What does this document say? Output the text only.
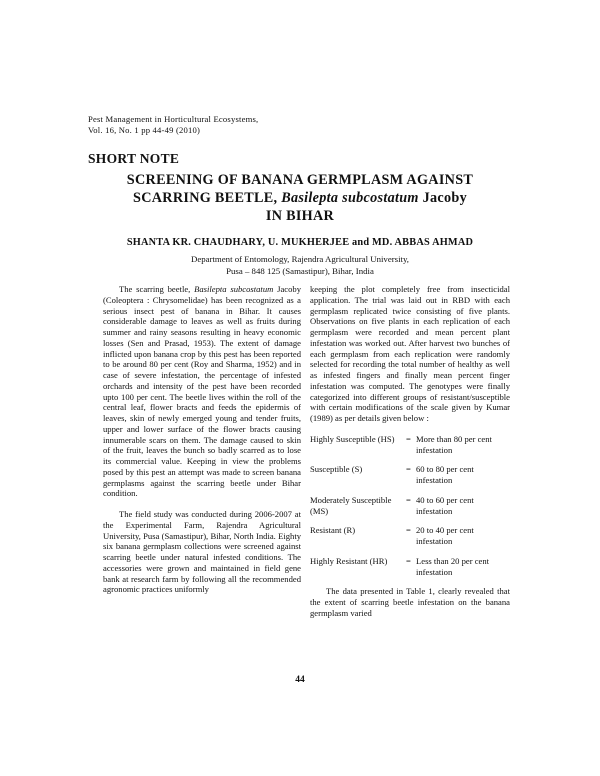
Pest Management in Horticultural Ecosystems,
Vol. 16, No. 1 pp 44-49 (2010)
SHORT NOTE
SCREENING OF BANANA GERMPLASM AGAINST
SCARRING BEETLE, Basilepta subcostatum Jacoby
IN BIHAR
SHANTA KR. CHAUDHARY, U. MUKHERJEE and MD. ABBAS AHMAD
Department of Entomology, Rajendra Agricultural University,
Pusa – 848 125 (Samastipur), Bihar, India

The scarring beetle, Basilepta subcostatum Jacoby (Coleoptera : Chrysomelidae) has been recognized as a serious insect pest of banana in Bihar. It causes considerable damage to leaves as well as fruits during summer and rainy seasons resulting in heavy economic losses (Sen and Prasad, 1953). The extent of damage inflicted upon banana crop by this pest has been reported to be around 80 per cent (Roy and Sharma, 1952) and in case of severe infestation, the percentage of infested orchards and intensity of the pest have been recorded upto 100 per cent. The beetle lives within the roll of the central leaf, flower bracts and feeds the epidermis of leaves, skin of newly emerged young and tender fruits, upper and lower surface of the flower bracts causing innumerable scars on them. The damage caused to skin of the fruit, leaves the bunch so badly scarred as to lose its commercial value. Keeping in view the problems posed by this pest an attempt was made to screen banana germplasms against the scarring beetle under Bihar condition.

The field study was conducted during 2006-2007 at the Experimental Farm, Rajendra Agricultural University, Pusa (Samastipur), Bihar, North India. Eighty six banana germplasm collections were screened against scarring beetle under natural infested conditions. The accessories were grown and maintained in field gene bank at research farm by following all the recommended agronomic practices uniformly

keeping the plot completely free from insecticidal application. The trial was laid out in RBD with each germplasm replicated twice consisting of five plants. Observations on five plants in each replication of each germplasm were recorded and mean percent plant infestation was worked out. After harvest two bunches of each germplasm from each replication were randomly selected for recording the total number of healthy as well as infested fingers and finally mean percent finger infestation was computed. The genotypes were finally categorized into different groups of resistant/susceptible with certain modifications of the scale given by Kumar (1989) as per details given below :

Highly Susceptible (HS)	=	More than 80 per cent infestation
Susceptible (S)	=	60 to 80 per cent infestation
Moderately Susceptible (MS)	=	40 to 60 per cent infestation
Resistant (R)	=	20 to 40 per cent infestation
Highly Resistant (HR)	=	Less than 20 per cent infestation

The data presented in Table 1, clearly revealed that the extent of scarring beetle infestation on the banana germplasm varied

44
